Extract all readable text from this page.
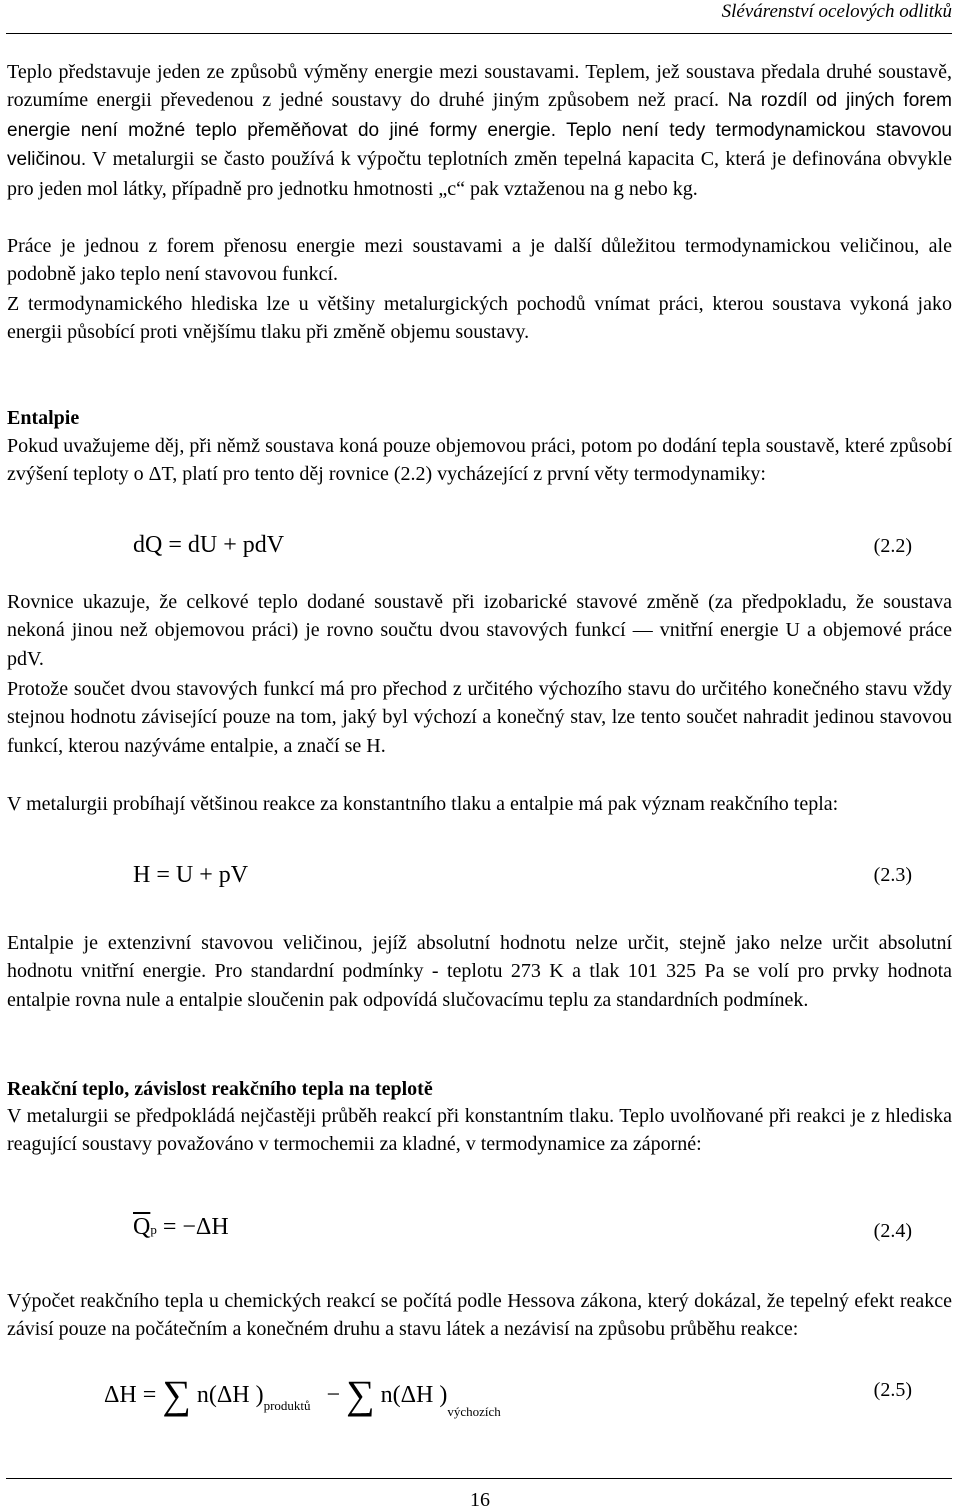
Slévárenství ocelových odlitků

Teplo představuje jeden ze způsobů výměny energie mezi soustavami. Teplem, jež soustava předala druhé soustavě, rozumíme energii převedenou z jedné soustavy do druhé jiným způsobem než prací. Na rozdíl od jiných forem energie není možné teplo přeměňovat do jiné formy energie. Teplo není tedy termodynamickou stavovou veličinou. V metalurgii se často používá k výpočtu teplotních změn tepelná kapacita C, která je definována obvykle pro jeden mol látky, případně pro jednotku hmotnosti „c“ pak vztaženou na g nebo kg.

Práce je jednou z forem přenosu energie mezi soustavami a je další důležitou termodynamickou veličinou, ale podobně jako teplo není stavovou funkcí.

Z termodynamického hlediska lze u většiny metalurgických pochodů vnímat práci, kterou soustava vykoná jako energii působící proti vnějšímu tlaku při změně objemu soustavy.

Entalpie

Pokud uvažujeme děj, při němž soustava koná pouze objemovou práci, potom po dodání tepla soustavě, které způsobí zvýšení teploty o ΔT, platí pro tento děj rovnice (2.2) vycházející z první věty termodynamiky:

dQ = dU + pdV	(2.2)

Rovnice ukazuje, že celkové teplo dodané soustavě při izobarické stavové změně (za předpokladu, že soustava nekoná jinou než objemovou práci) je rovno součtu dvou stavových funkcí — vnitřní energie U a objemové práce pdV.

Protože součet dvou stavových funkcí má pro přechod z určitého výchozího stavu do určitého konečného stavu vždy stejnou hodnotu závisející pouze na tom, jaký byl výchozí a konečný stav, lze tento součet nahradit jedinou stavovou funkcí, kterou nazýváme entalpie, a značí se H.

V metalurgii probíhají většinou reakce za konstantního tlaku a entalpie má pak význam reakčního tepla:

H = U + pV	(2.3)

Entalpie je extenzivní stavovou veličinou, jejíž absolutní hodnotu nelze určit, stejně jako nelze určit absolutní hodnotu vnitřní energie. Pro standardní podmínky - teplotu 273 K a tlak 101 325 Pa se volí pro prvky hodnota entalpie rovna nule a entalpie sloučenin pak odpovídá slučovacímu teplu za standardních podmínek.

Reakční teplo, závislost reakčního tepla na teplotě

V metalurgii se předpokládá nejčastěji průběh reakcí při konstantním tlaku. Teplo uvolňované při reakci je z hlediska reagující soustavy považováno v termochemii za kladné, v termodynamice za záporné:

$\overline{Q}p = -\Delta H$	(2.4)

Výpočet reakčního tepla u chemických reakcí se počítá podle Hessova zákona, který dokázal, že tepelný efekt reakce závisí pouze na počátečním a konečném druhu a stavu látek a nezávisí na způsobu průběhu reakce:

ΔH = ∑ n(ΔH )$_{produktů}$ − ∑ n(ΔH )$_{výchozích}$
(2.5)
16
